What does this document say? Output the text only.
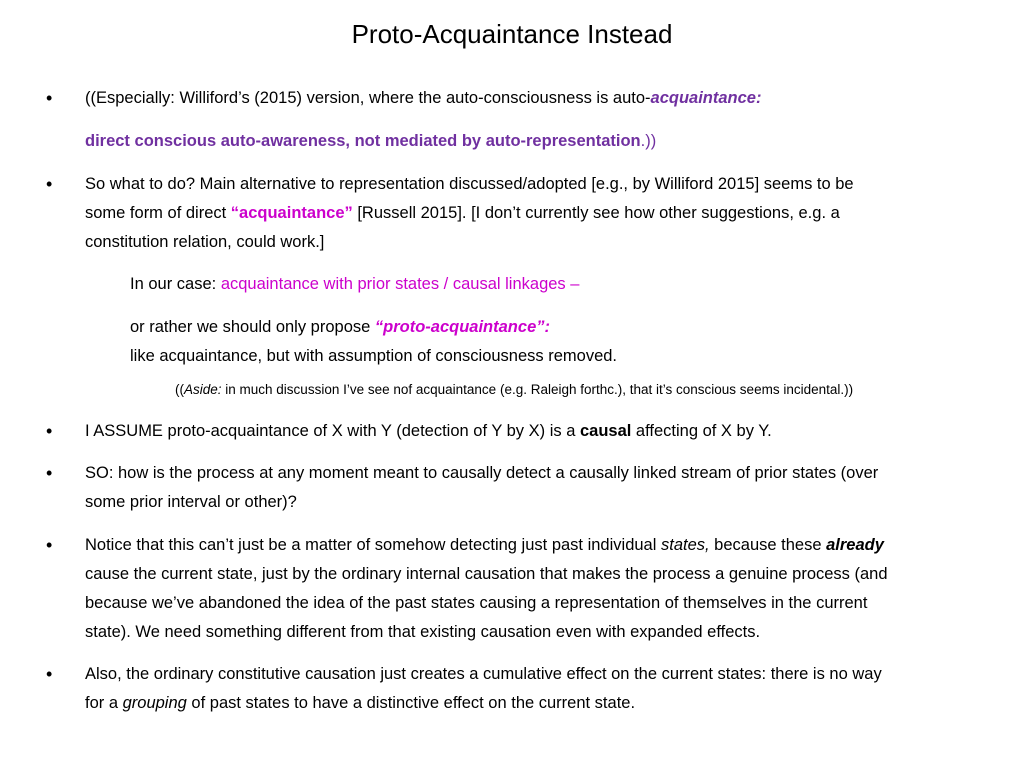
Proto-Acquaintance Instead
• ((Especially: Williford’s (2015) version, where the auto-consciousness is auto-acquaintance:

direct conscious auto-awareness, not mediated by auto-representation.))

• So what to do? Main alternative to representation discussed/adopted [e.g., by Williford 2015] seems to be

some form of direct “acquaintance” [Russell 2015]. [I don’t currently see how other suggestions, e.g. a

constitution relation, could work.]

In our case: acquaintance with prior states / causal linkages –

or rather we should only propose “proto-acquaintance”:

like acquaintance, but with assumption of consciousness removed.

((Aside: in much discussion I’ve see nof acquaintance (e.g. Raleigh forthc.), that it’s conscious seems incidental.))

• I ASSUME proto-acquaintance of X with Y (detection of Y by X) is a causal affecting of X by Y.

• SO: how is the process at any moment meant to causally detect a causally linked stream of prior states (over

some prior interval or other)?

• Notice that this can’t just be a matter of somehow detecting just past individual states, because these already

cause the current state, just by the ordinary internal causation that makes the process a genuine process (and

because we’ve abandoned the idea of the past states causing a representation of themselves in the current

state). We need something different from that existing causation even with expanded effects.

• Also, the ordinary constitutive causation just creates a cumulative effect on the current states: there is no way

for a grouping of past states to have a distinctive effect on the current state.
